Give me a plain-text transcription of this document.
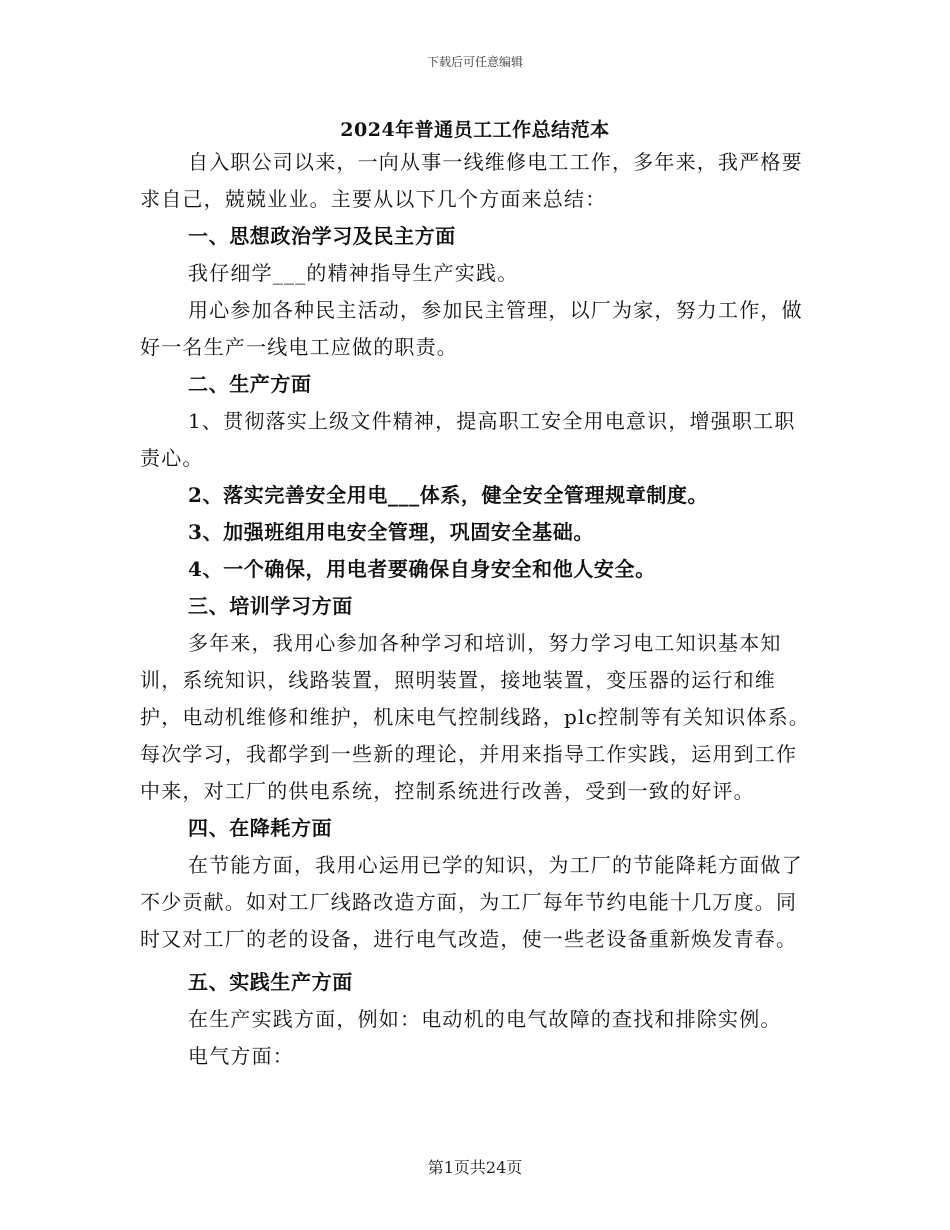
下载后可任意编辑
2024年普通员工工作总结范本

自入职公司以来，一向从事一线维修电工工作，多年来，我严格要求自己，兢兢业业。主要从以下几个方面来总结：

一、思想政治学习及民主方面

我仔细学___的精神指导生产实践。

用心参加各种民主活动，参加民主管理，以厂为家，努力工作，做好一名生产一线电工应做的职责。

二、生产方面

1、贯彻落实上级文件精神，提高职工安全用电意识，增强职工职责心。

2、落实完善安全用电___体系，健全安全管理规章制度。

3、加强班组用电安全管理，巩固安全基础。

4、一个确保，用电者要确保自身安全和他人安全。

三、培训学习方面

多年来，我用心参加各种学习和培训，努力学习电工知识基本知训，系统知识，线路装置，照明装置，接地装置，变压器的运行和维护，电动机维修和维护，机床电气控制线路，plc控制等有关知识体系。每次学习，我都学到一些新的理论，并用来指导工作实践，运用到工作中来，对工厂的供电系统，控制系统进行改善，受到一致的好评。

四、在降耗方面

在节能方面，我用心运用已学的知识，为工厂的节能降耗方面做了不少贡献。如对工厂线路改造方面，为工厂每年节约电能十几万度。同时又对工厂的老的设备，进行电气改造，使一些老设备重新焕发青春。

五、实践生产方面

在生产实践方面，例如：电动机的电气故障的查找和排除实例。

电气方面：

第1页共24页
